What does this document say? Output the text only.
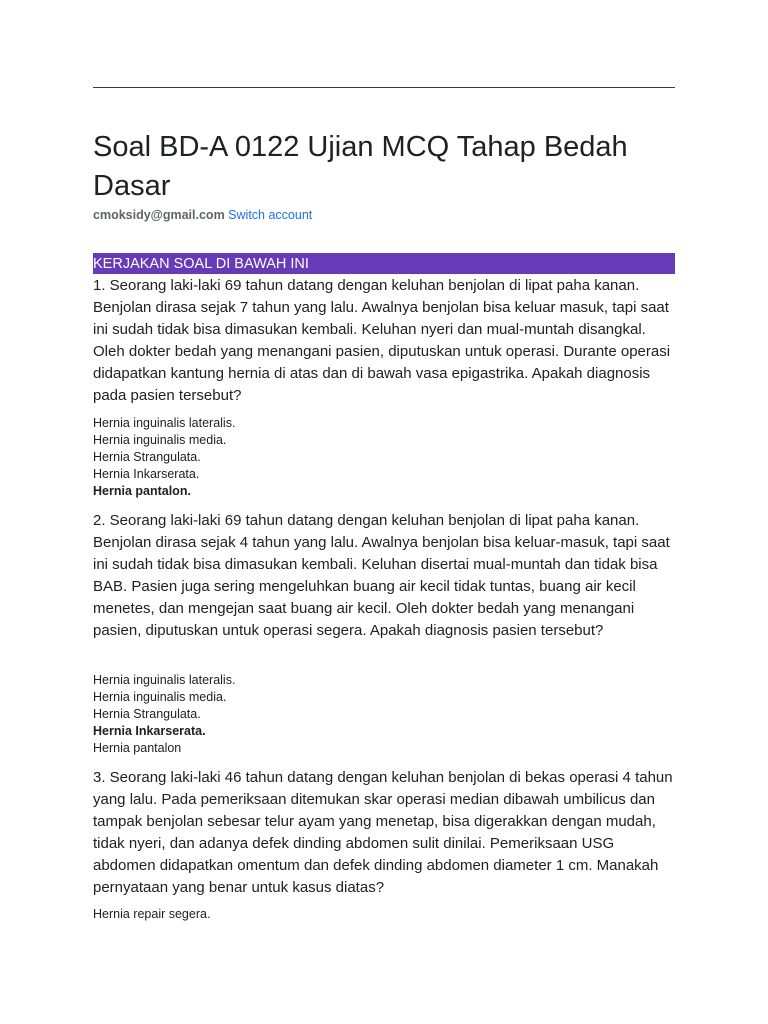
Soal BD-A 0122 Ujian MCQ Tahap Bedah Dasar
cmoksidy@gmail.com Switch account
KERJAKAN SOAL DI BAWAH INI

1. Seorang laki-laki 69 tahun datang dengan keluhan benjolan di lipat paha kanan. Benjolan dirasa sejak 7 tahun yang lalu. Awalnya benjolan bisa keluar masuk, tapi saat ini sudah tidak bisa dimasukan kembali. Keluhan nyeri dan mual-muntah disangkal. Oleh dokter bedah yang menangani pasien, diputuskan untuk operasi. Durante operasi didapatkan kantung hernia di atas dan di bawah vasa epigastrika. Apakah diagnosis pada pasien tersebut?

Hernia inguinalis lateralis.
Hernia inguinalis media.
Hernia Strangulata.
Hernia Inkarserata.
Hernia pantalon.

2. Seorang laki-laki 69 tahun datang dengan keluhan benjolan di lipat paha kanan. Benjolan dirasa sejak 4 tahun yang lalu. Awalnya benjolan bisa keluar-masuk, tapi saat ini sudah tidak bisa dimasukan kembali. Keluhan disertai mual-muntah dan tidak bisa BAB. Pasien juga sering mengeluhkan buang air kecil tidak tuntas, buang air kecil menetes, dan mengejan saat buang air kecil. Oleh dokter bedah yang menangani pasien, diputuskan untuk operasi segera. Apakah diagnosis pasien tersebut?

Hernia inguinalis lateralis.
Hernia inguinalis media.
Hernia Strangulata.
Hernia Inkarserata.
Hernia pantalon

3. Seorang laki-laki 46 tahun datang dengan keluhan benjolan di bekas operasi 4 tahun yang lalu. Pada pemeriksaan ditemukan skar operasi median dibawah umbilicus dan tampak benjolan sebesar telur ayam yang menetap, bisa digerakkan dengan mudah, tidak nyeri, dan adanya defek dinding abdomen sulit dinilai. Pemeriksaan USG abdomen didapatkan omentum dan defek dinding abdomen diameter 1 cm. Manakah pernyataan yang benar untuk kasus diatas?

Hernia repair segera.
